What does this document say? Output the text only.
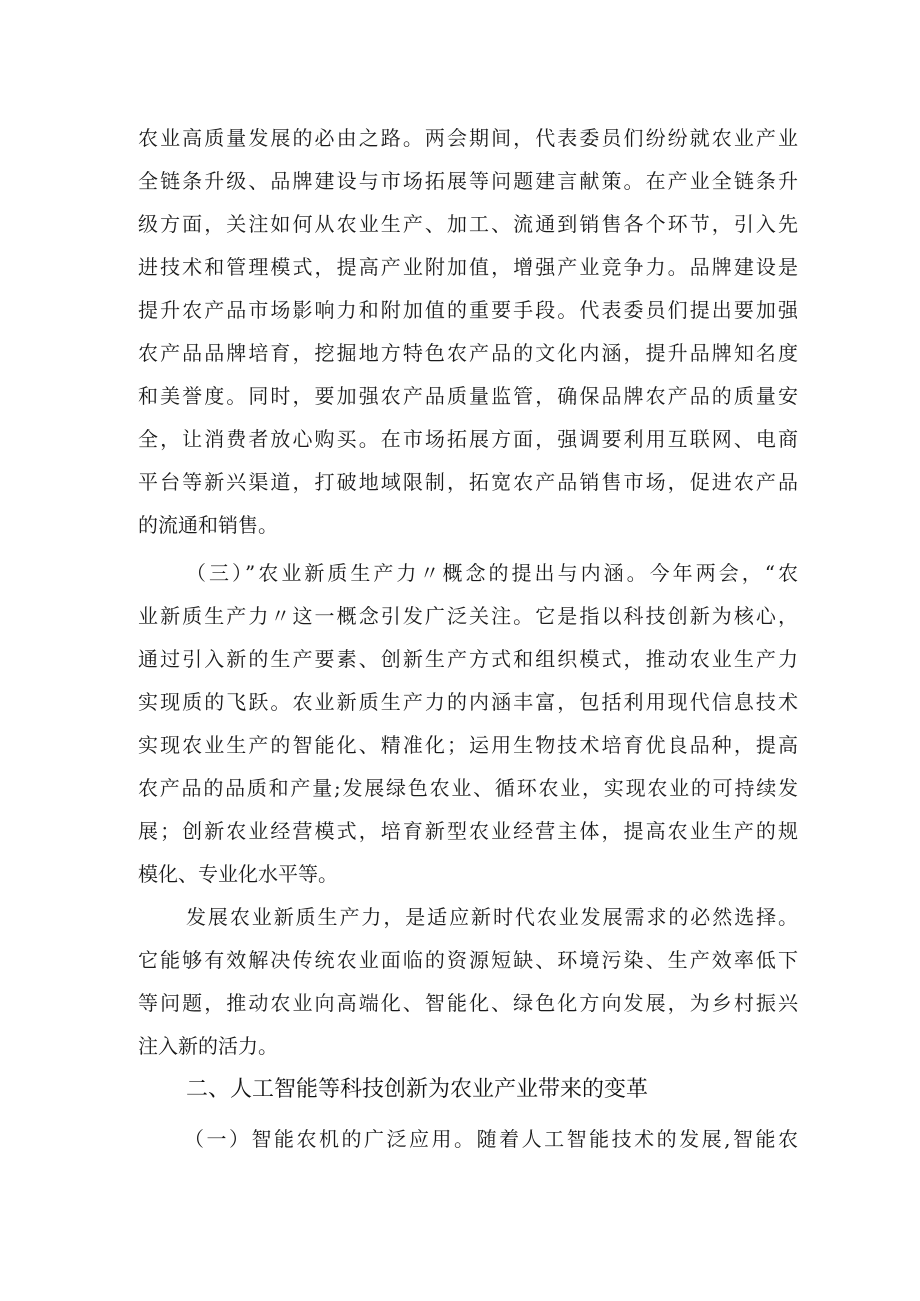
农业高质量发展的必由之路。两会期间，代表委员们纷纷就农业产业

全链条升级、品牌建设与市场拓展等问题建言献策。在产业全链条升

级方面，关注如何从农业生产、加工、流通到销售各个环节，引入先

进技术和管理模式，提高产业附加值，增强产业竞争力。品牌建设是

提升农产品市场影响力和附加值的重要手段。代表委员们提出要加强

农产品品牌培育，挖掘地方特色农产品的文化内涵，提升品牌知名度

和美誉度。同时，要加强农产品质量监管，确保品牌农产品的质量安

全，让消费者放心购买。在市场拓展方面，强调要利用互联网、电商

平台等新兴渠道，打破地域限制，拓宽农产品销售市场，促进农产品

的流通和销售。

（三）”农业新质生产力〃概念的提出与内涵。今年两会，“农

业新质生产力〃这一概念引发广泛关注。它是指以科技创新为核心，

通过引入新的生产要素、创新生产方式和组织模式，推动农业生产力

实现质的飞跃。农业新质生产力的内涵丰富，包括利用现代信息技术

实现农业生产的智能化、精准化；运用生物技术培育优良品种，提高

农产品的品质和产量;发展绿色农业、循环农业，实现农业的可持续发

展；创新农业经营模式，培育新型农业经营主体，提高农业生产的规

模化、专业化水平等。

发展农业新质生产力，是适应新时代农业发展需求的必然选择。

它能够有效解决传统农业面临的资源短缺、环境污染、生产效率低下

等问题，推动农业向高端化、智能化、绿色化方向发展，为乡村振兴

注入新的活力。

二、人工智能等科技创新为农业产业带来的变革

（一）智能农机的广泛应用。随着人工智能技术的发展,智能农
